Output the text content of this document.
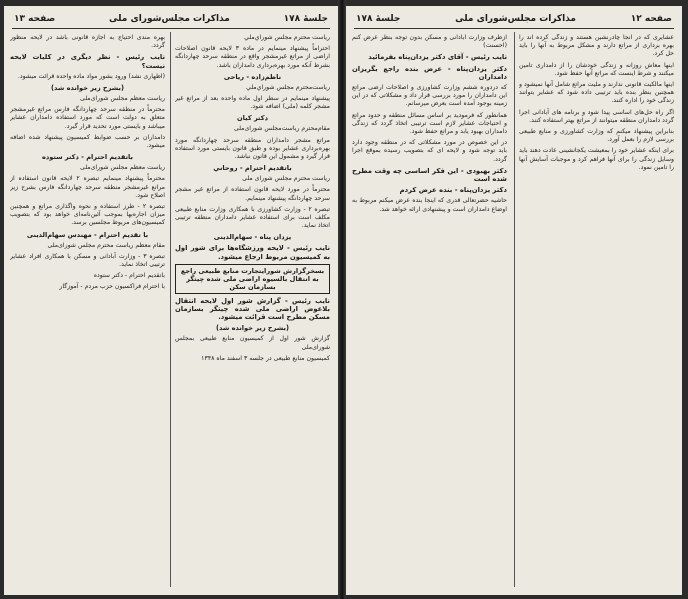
جلسهٔ ۱۷۸
مذاکرات مجلس‌شورای ملی
صفحه ۱۳
رياست محترم مجلس شوراي‌ملي
احتراماً پیشنهاد مینمایم در ماده ۳ لایحه قانون اصلاحات اراضی از مراتع غیرمشجر واقع در منطقه سرحد چهاردانگه بشرط آنکه مورد بهره‌برداری دامداران باشد.
ناظم‌زاده - ریاحی
رياست‌محترم مجلس شوراي‌ملي
پیشنهاد مینمایم در سطر اول ماده واحده بعد از مراتع غیر مشجر کلمه (ملی) اضافه شود.
دکتر کیان
مقام‌محترم ریاست‌مجلس شورای‌ملی
مراتع مشجر دامداران منطقه سرحد چهاردانگه مورد بهره‌برداری عشایر بوده و طبق قانون بایستی مورد استفاده قرار گیرد و مشمول این قانون نباشد.
باتقديم احترام - روحاني
رياست محترم مجلس شورای ملی
محترماً در مورد لایحه قانون استفاده از مراتع غیر مشجر سرحد چهاردانگه پیشنهاد مینمایم.
تبصره ۲ - وزارت کشاورزی با همکاری وزارت منابع طبیعی مکلف است برای استفاده عشایر دامداران منطقه ترتیبی اتخاذ نماید.
یزدان پناه - سهام‌الدینی
نایب رئیس - لایحه ورزشگاه‌ها برای شور اول به کمیسیون مربوط ارجاع میشود.
بسخرگزارش شورایتجارت منابع طبیعی راجع به انتقال بالسیوه اراضی ملی شده چیتگر بسازمان سکن
نایب رئیس - گزارش شور اول لایحه انتقال بلاعوض اراضی ملی شده چیتگر بسازمان مسکن مطرح است قرائت میشود.
(بشرح زیر خوانده شد)
گزارش شور اول از کمیسیون منابع طبیعی بمجلس شورای‌ملی
کمیسیون منابع طبیعی در جلسه ۳ اسفند ماه ۱۳۴۸
بهره مندی احتیاج به اجازه قانونی باشد در لایحه منظور گردد.
نایب رئیس - نظر دیگری در کلیات لایحه نیست؟
(اظهاری نشد) ورود بشور مواد ماده واحده قرائت میشود.
(بشرح زیر خوانده شد)
ریاست معظم مجلس شورای‌ملی
محترماً در منطقه سرحد چهاردانگه فارس مراتع غیرمشجر متعلق به دولت است که مورد استفاده دامداران عشایر میباشد و بایستی مورد تحدید قرار گیرد.
دامداران بر حسب ضوابط کمیسیون پیشنهاد شده اضافه میشود.
باتقديم احترام - دکتر ستوده
ریاست معظم مجلس شورای‌ملی
محترماً پیشنهاد مینمایم تبصره ۲ لایحه قانون استفاده از مراتع غیرمشجر منطقه سرحد چهاردانگه فارس بشرح زیر اصلاح شود.
تبصره ۲ - طرز استفاده و نحوه واگذاری مراتع و همچنین میزان اجاره‌بها بموجب آئین‌نامه‌ای خواهد بود که بتصویب کمیسیون‌های مربوط مجلسین برسد.
با تقدیم احترام - مهندس سهام‌الدینی
مقام معظم ریاست محترم مجلس شورای‌ملی
تبصره ۳ - وزارت آبادانی و مسکن با همکاری افراد عشایر ترتیبی اتخاذ نماید.
باتقديم احترام - دکتر ستوده
با احترام فراکسیون حزب مردم - آموزگار
صفحه ۱۲
مذاکرات مجلس‌شورای ملی
جلسهٔ ۱۷۸
ازطرف وزارت آبادانی و مسکن بدون توجه بنظر عرض کنم (احسنت)
نایب رئیس - آقای دکتر یزدان‌پناه بفرمائید
دکتر یزدان‌پناه - عرض بنده راجع بگریزان دامداران
که دردوره ششم وزارت کشاورزی و اصلاحات ارضی مراتع این دامداران را مورد بررسی قرار داد و مشکلاتی که در این زمینه بوجود آمده است بعرض میرسانم.
همانطور که فرمودید بر اساس مسائل منطقه و حدود مراتع و احتیاجات عشایر لازم است ترتیبی اتخاذ گردد که زندگی دامداران بهبود یابد و مراتع حفظ شود.
در این خصوص در مورد مشکلاتی که در منطقه وجود دارد باید توجه شود و لایحه ای که بتصویب رسیده بموقع اجرا گردد.
دکتر بهبودی - این فکر اساسی چه وقت مطرح شده است
دکتر یزدان‌پناه - بنده عرض کردم
حاشیه حضرتعالی قدری که اینجا بنده عرض میکنم مربوط به اوضاع دامداران است و پیشنهادی ارائه خواهد شد.
عشایری که در آنجا چادرنشین هستند و زندگی کرده اند را بهره برداری از مراتع دارند و مشکل مربوط به آنها را باید حل کرد.
اینها معاش روزانه و زندگی خودشان را از دامداری تامین میکنند و شرط اینست که مراتع آنها حفظ شود.
اینها مالکیت قانونی ندارند و ملیت مراتع شامل آنها نمیشود و همچنین بنظر بنده باید ترتیبی داده شود که عشایر بتوانند زندگی خود را اداره کنند.
اگر راه حل‌های اساسی پیدا شود و برنامه های آبادانی اجرا گردد دامداران منطقه میتوانند از مراتع بهتر استفاده کنند.
بنابراین پیشنهاد میکنم که وزارت کشاورزی و منابع طبیعی بررسی لازم را بعمل آورد.
برای اینکه عشایر خود را بمعیشت یکجانشینی عادت دهند باید وسایل زندگی را برای آنها فراهم کرد و موجبات آسایش آنها را تامین نمود.
